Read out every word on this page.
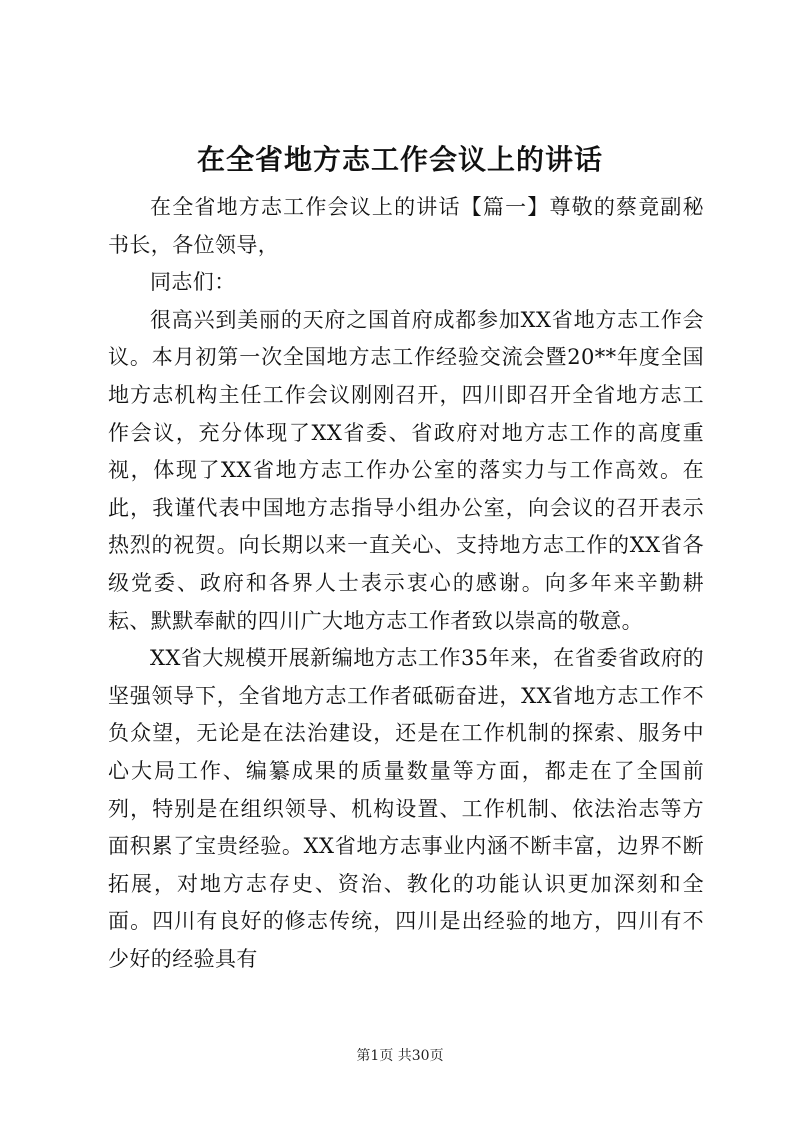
在全省地方志工作会议上的讲话

在全省地方志工作会议上的讲话【篇一】尊敬的蔡竟副秘书长，各位领导，

同志们：

很高兴到美丽的天府之国首府成都参加XX省地方志工作会议。本月初第一次全国地方志工作经验交流会暨20**年度全国地方志机构主任工作会议刚刚召开，四川即召开全省地方志工作会议，充分体现了XX省委、省政府对地方志工作的高度重视，体现了XX省地方志工作办公室的落实力与工作高效。在此，我谨代表中国地方志指导小组办公室，向会议的召开表示热烈的祝贺。向长期以来一直关心、支持地方志工作的XX省各级党委、政府和各界人士表示衷心的感谢。向多年来辛勤耕耘、默默奉献的四川广大地方志工作者致以崇高的敬意。

XX省大规模开展新编地方志工作35年来，在省委省政府的坚强领导下，全省地方志工作者砥砺奋进，XX省地方志工作不负众望，无论是在法治建设，还是在工作机制的探索、服务中心大局工作、编纂成果的质量数量等方面，都走在了全国前列，特别是在组织领导、机构设置、工作机制、依法治志等方面积累了宝贵经验。XX省地方志事业内涵不断丰富，边界不断拓展，对地方志存史、资治、教化的功能认识更加深刻和全面。四川有良好的修志传统，四川是出经验的地方，四川有不少好的经验具有

第1页 共30页
